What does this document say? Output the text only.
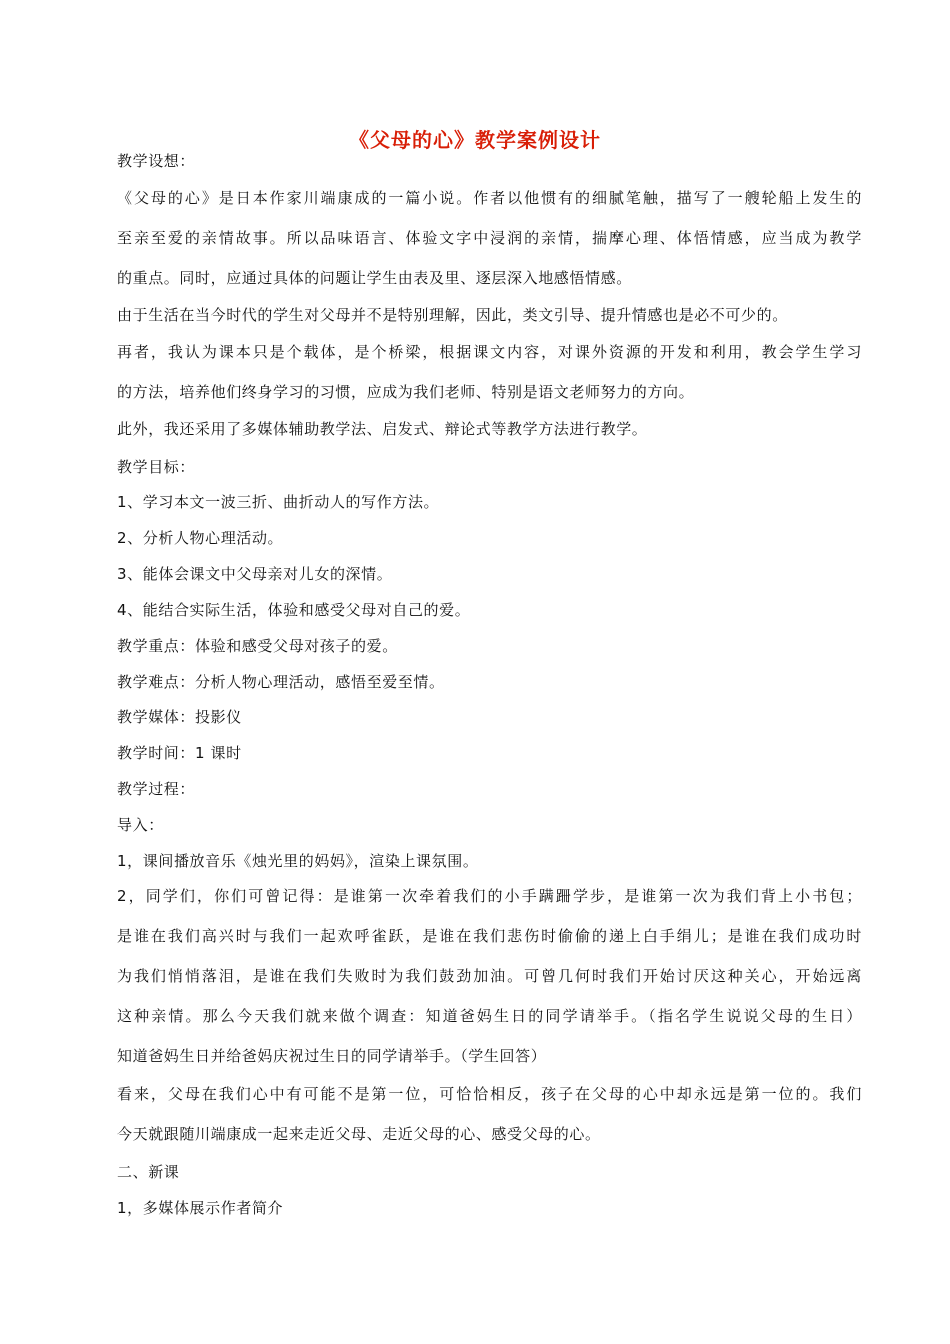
《父母的心》教学案例设计
教学设想：
《父母的心》是日本作家川端康成的一篇小说。作者以他惯有的细腻笔触，描写了一艘轮船上发生的
至亲至爱的亲情故事。所以品味语言、体验文字中浸润的亲情，揣摩心理、体悟情感，应当成为教学
的重点。同时，应通过具体的问题让学生由表及里、逐层深入地感悟情感。
由于生活在当今时代的学生对父母并不是特别理解，因此，类文引导、提升情感也是必不可少的。
再者，我认为课本只是个载体，是个桥梁，根据课文内容，对课外资源的开发和利用，教会学生学习
的方法，培养他们终身学习的习惯，应成为我们老师、特别是语文老师努力的方向。
此外，我还采用了多媒体辅助教学法、启发式、辩论式等教学方法进行教学。
教学目标：
1、学习本文一波三折、曲折动人的写作方法。
2、分析人物心理活动。
3、能体会课文中父母亲对儿女的深情。
4、能结合实际生活，体验和感受父母对自己的爱。
教学重点：体验和感受父母对孩子的爱。
教学难点：分析人物心理活动，感悟至爱至情。
教学媒体：投影仪
教学时间：1 课时
教学过程：
导入：
1，课间播放音乐《烛光里的妈妈》，渲染上课氛围。
2，同学们，你们可曾记得：是谁第一次牵着我们的小手蹒跚学步，是谁第一次为我们背上小书包；
是谁在我们高兴时与我们一起欢呼雀跃，是谁在我们悲伤时偷偷的递上白手绢儿；是谁在我们成功时
为我们悄悄落泪，是谁在我们失败时为我们鼓劲加油。可曾几何时我们开始讨厌这种关心，开始远离
这种亲情。那么今天我们就来做个调查：知道爸妈生日的同学请举手。（指名学生说说父母的生日）
知道爸妈生日并给爸妈庆祝过生日的同学请举手。（学生回答）
看来，父母在我们心中有可能不是第一位，可恰恰相反，孩子在父母的心中却永远是第一位的。我们
今天就跟随川端康成一起来走近父母、走近父母的心、感受父母的心。
二、新课
1，多媒体展示作者简介
